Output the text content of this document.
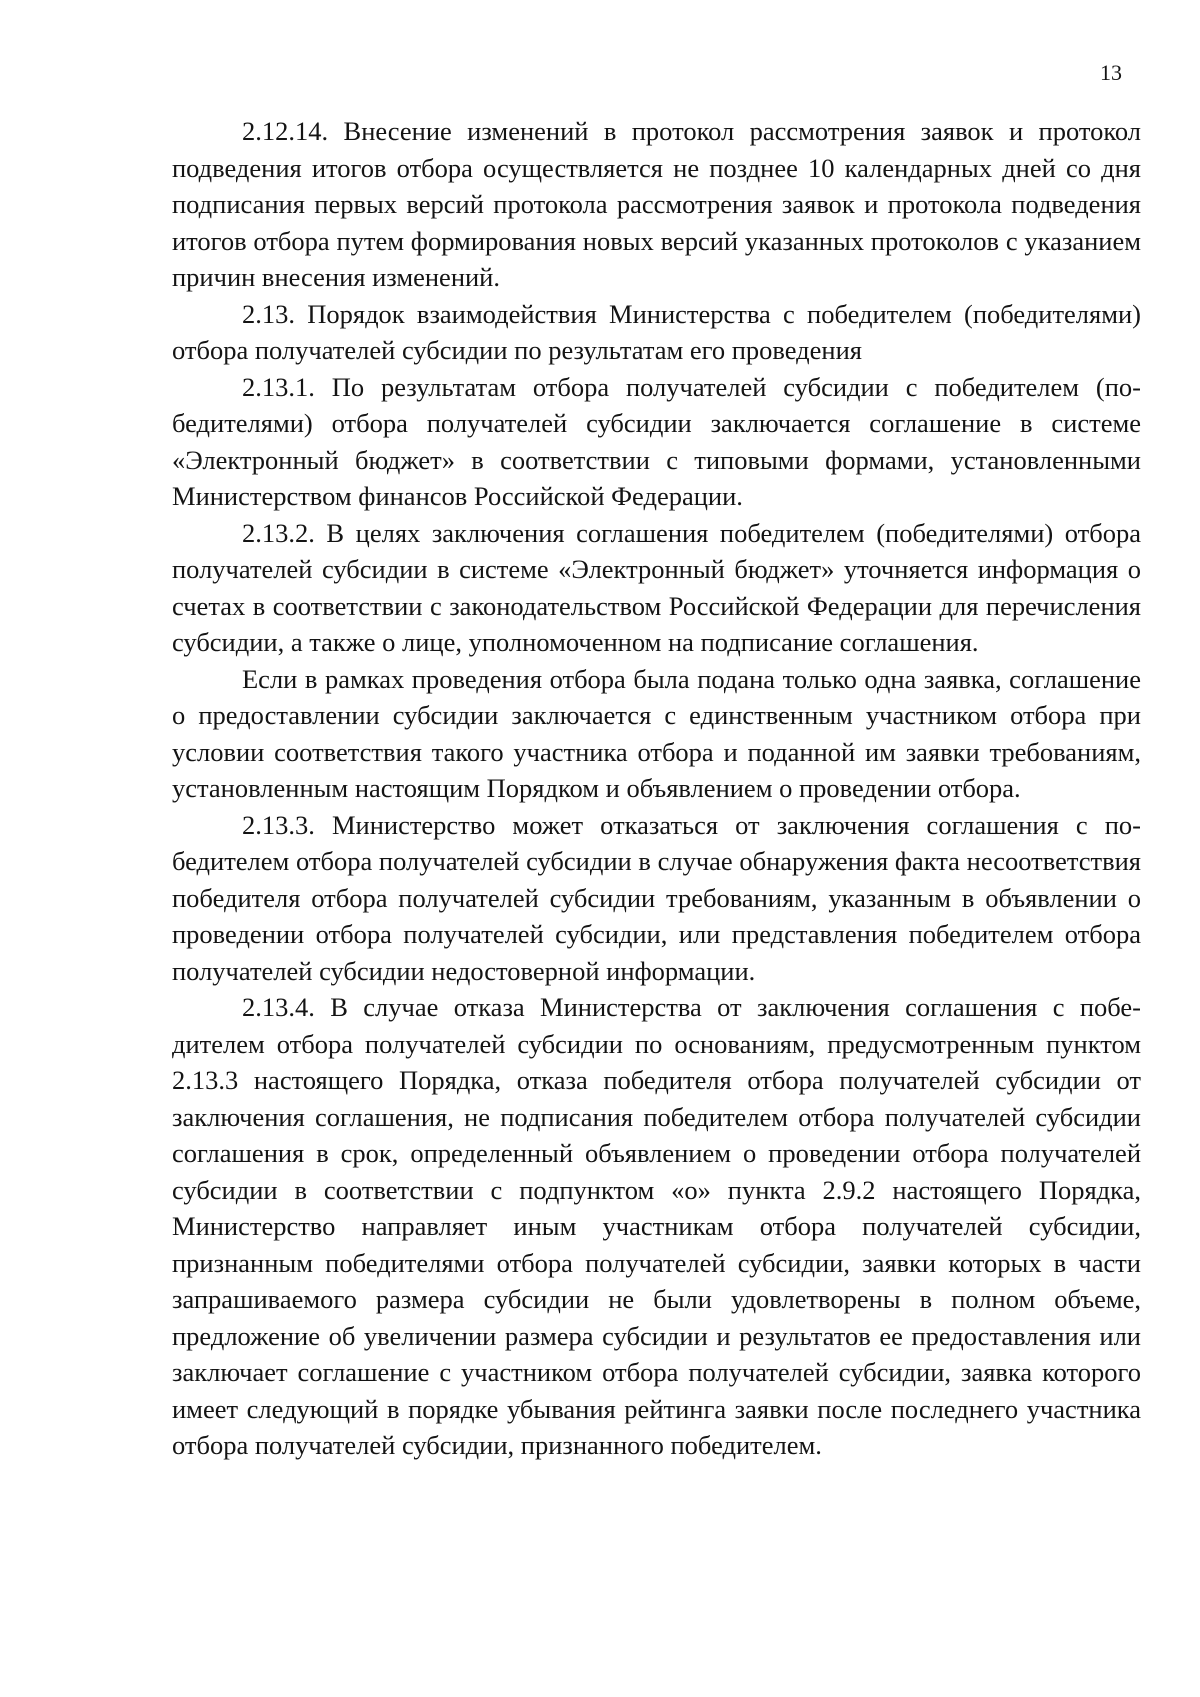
13

2.12.14. Внесение изменений в протокол рассмотрения заявок и протокол подведения итогов отбора осуществляется не позднее 10 календарных дней со дня подписания первых версий протокола рассмотрения заявок и протокола подведения итогов отбора путем формирования новых версий указанных протоколов с указанием причин внесения изменений.

2.13. Порядок взаимодействия Министерства с победителем (победителями) отбора получателей субсидии по результатам его проведения

2.13.1. По результатам отбора получателей субсидии с победителем (победителями) отбора получателей субсидии заключается соглашение в системе «Электронный бюджет» в соответствии с типовыми формами, установленными Министерством финансов Российской Федерации.

2.13.2. В целях заключения соглашения победителем (победителями) отбора получателей субсидии в системе «Электронный бюджет» уточняется информация о счетах в соответствии с законодательством Российской Федерации для перечисления субсидии, а также о лице, уполномоченном на подписание соглашения.

Если в рамках проведения отбора была подана только одна заявка, соглашение о предоставлении субсидии заключается с единственным участником отбора при условии соответствия такого участника отбора и поданной им заявки требованиям, установленным настоящим Порядком и объявлением о проведении отбора.

2.13.3. Министерство может отказаться от заключения соглашения с победителем отбора получателей субсидии в случае обнаружения факта несоответствия победителя отбора получателей субсидии требованиям, указанным в объявлении о проведении отбора получателей субсидии, или представления победителем отбора получателей субсидии недостоверной информации.

2.13.4. В случае отказа Министерства от заключения соглашения с победителем отбора получателей субсидии по основаниям, предусмотренным пунктом 2.13.3 настоящего Порядка, отказа победителя отбора получателей субсидии от заключения соглашения, не подписания победителем отбора получателей субсидии соглашения в срок, определенный объявлением о проведении отбора получателей субсидии в соответствии с подпунктом «о» пункта 2.9.2 настоящего Порядка, Министерство направляет иным участникам отбора получателей субсидии, признанным победителями отбора получателей субсидии, заявки которых в части запрашиваемого размера субсидии не были удовлетворены в полном объеме, предложение об увеличении размера субсидии и результатов ее предоставления или заключает соглашение с участником отбора получателей субсидии, заявка которого имеет следующий в порядке убывания рейтинга заявки после последнего участника отбора получателей субсидии, признанного победителем.
